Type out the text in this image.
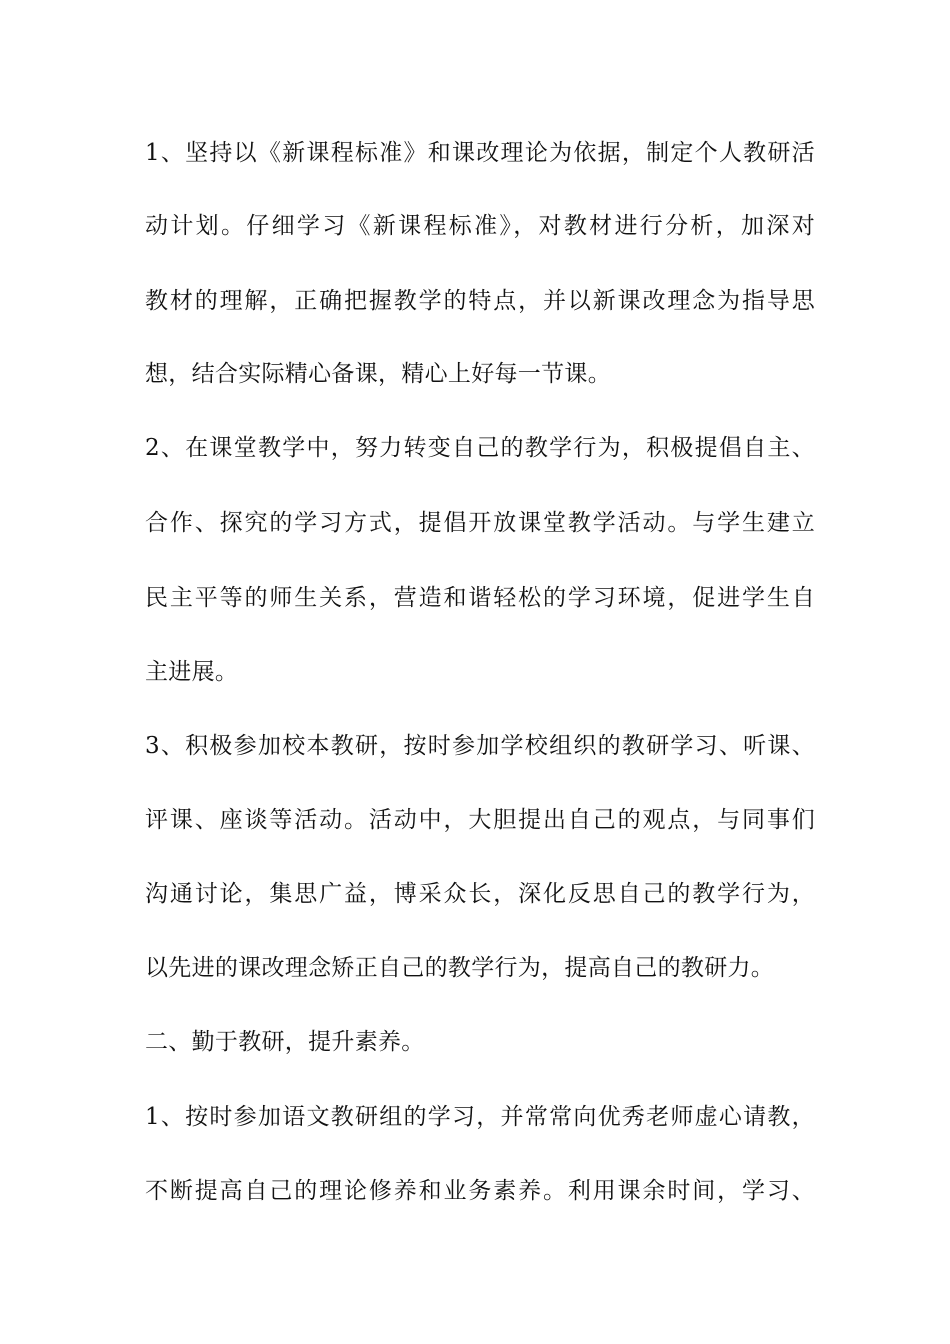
1、坚持以《新课程标准》和课改理论为依据，制定个人教研活
动计划。仔细学习《新课程标准》，对教材进行分析，加深对
教材的理解，正确把握教学的特点，并以新课改理念为指导思
想，结合实际精心备课，精心上好每一节课。
2、在课堂教学中，努力转变自己的教学行为，积极提倡自主、
合作、探究的学习方式，提倡开放课堂教学活动。与学生建立
民主平等的师生关系，营造和谐轻松的学习环境，促进学生自
主进展。
3、积极参加校本教研，按时参加学校组织的教研学习、听课、
评课、座谈等活动。活动中，大胆提出自己的观点，与同事们
沟通讨论，集思广益，博采众长，深化反思自己的教学行为，
以先进的课改理念矫正自己的教学行为，提高自己的教研力。
二、勤于教研，提升素养。
1、按时参加语文教研组的学习，并常常向优秀老师虚心请教，
不断提高自己的理论修养和业务素养。利用课余时间，学习、
